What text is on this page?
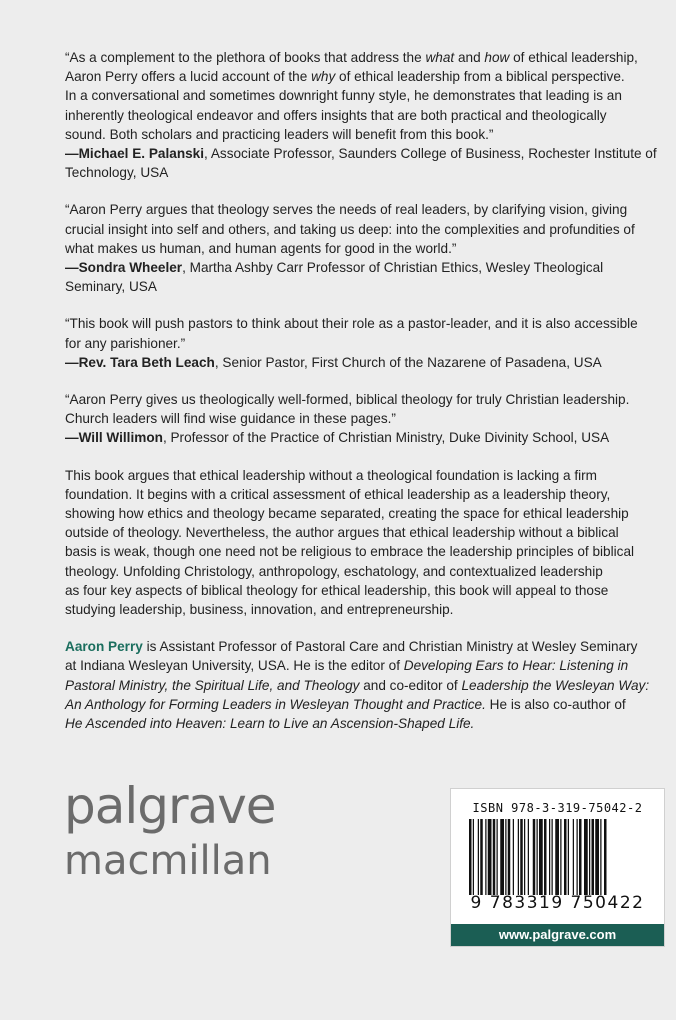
“As a complement to the plethora of books that address the what and how of ethical leadership,
Aaron Perry offers a lucid account of the why of ethical leadership from a biblical perspective.
In a conversational and sometimes downright funny style, he demonstrates that leading is an
inherently theological endeavor and offers insights that are both practical and theologically
sound. Both scholars and practicing leaders will benefit from this book.”
—Michael E. Palanski, Associate Professor, Saunders College of Business, Rochester Institute of
Technology, USA
“Aaron Perry argues that theology serves the needs of real leaders, by clarifying vision, giving
crucial insight into self and others, and taking us deep: into the complexities and profundities of
what makes us human, and human agents for good in the world.”
—Sondra Wheeler, Martha Ashby Carr Professor of Christian Ethics, Wesley Theological
Seminary, USA
“This book will push pastors to think about their role as a pastor-leader, and it is also accessible
for any parishioner.”
—Rev. Tara Beth Leach, Senior Pastor, First Church of the Nazarene of Pasadena, USA
“Aaron Perry gives us theologically well-formed, biblical theology for truly Christian leadership.
Church leaders will find wise guidance in these pages.”
—Will Willimon, Professor of the Practice of Christian Ministry, Duke Divinity School, USA
This book argues that ethical leadership without a theological foundation is lacking a firm
foundation. It begins with a critical assessment of ethical leadership as a leadership theory,
showing how ethics and theology became separated, creating the space for ethical leadership
outside of theology. Nevertheless, the author argues that ethical leadership without a biblical
basis is weak, though one need not be religious to embrace the leadership principles of biblical
theology. Unfolding Christology, anthropology, eschatology, and contextualized leadership
as four key aspects of biblical theology for ethical leadership, this book will appeal to those
studying leadership, business, innovation, and entrepreneurship.
Aaron Perry is Assistant Professor of Pastoral Care and Christian Ministry at Wesley Seminary
at Indiana Wesleyan University, USA. He is the editor of Developing Ears to Hear: Listening in
Pastoral Ministry, the Spiritual Life, and Theology and co-editor of Leadership the Wesleyan Way:
An Anthology for Forming Leaders in Wesleyan Thought and Practice. He is also co-author of
He Ascended into Heaven: Learn to Live an Ascension-Shaped Life.
palgrave
macmillan
ISBN 978-3-319-75042-2
9 783319 750422
www.palgrave.com
